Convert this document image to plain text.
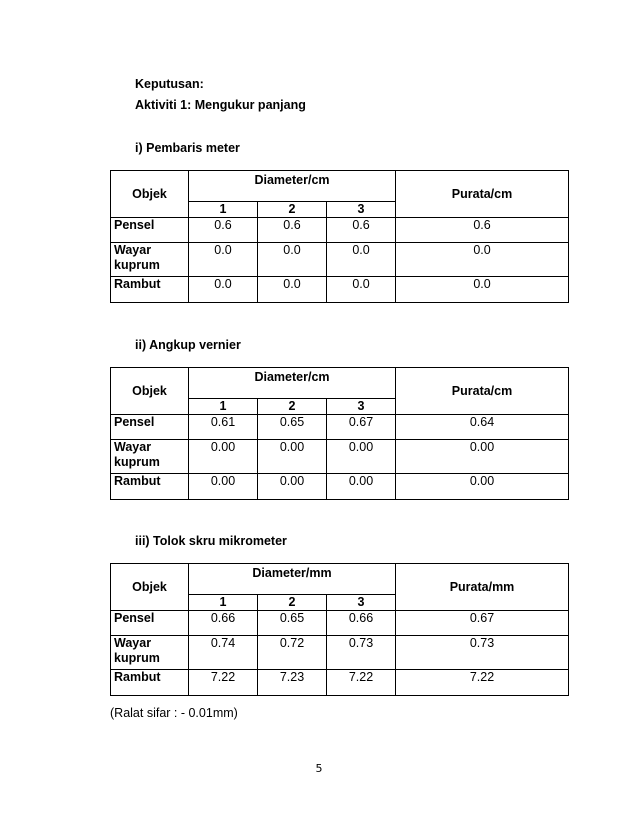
Keputusan:
Aktiviti 1: Mengukur panjang
i) Pembaris meter
Objek	Diameter/cm			Purata/cm
	1	2	3	
Pensel	0.6	0.6	0.6	0.6
Wayar kuprum	0.0	0.0	0.0	0.0
Rambut	0.0	0.0	0.0	0.0
ii) Angkup vernier
Objek	Diameter/cm			Purata/cm
	1	2	3	
Pensel	0.61	0.65	0.67	0.64
Wayar kuprum	0.00	0.00	0.00	0.00
Rambut	0.00	0.00	0.00	0.00
iii) Tolok skru mikrometer
Objek	Diameter/mm			Purata/mm
	1	2	3	
Pensel	0.66	0.65	0.66	0.67
Wayar kuprum	0.74	0.72	0.73	0.73
Rambut	7.22	7.23	7.22	7.22
(Ralat sifar : - 0.01mm)
5
